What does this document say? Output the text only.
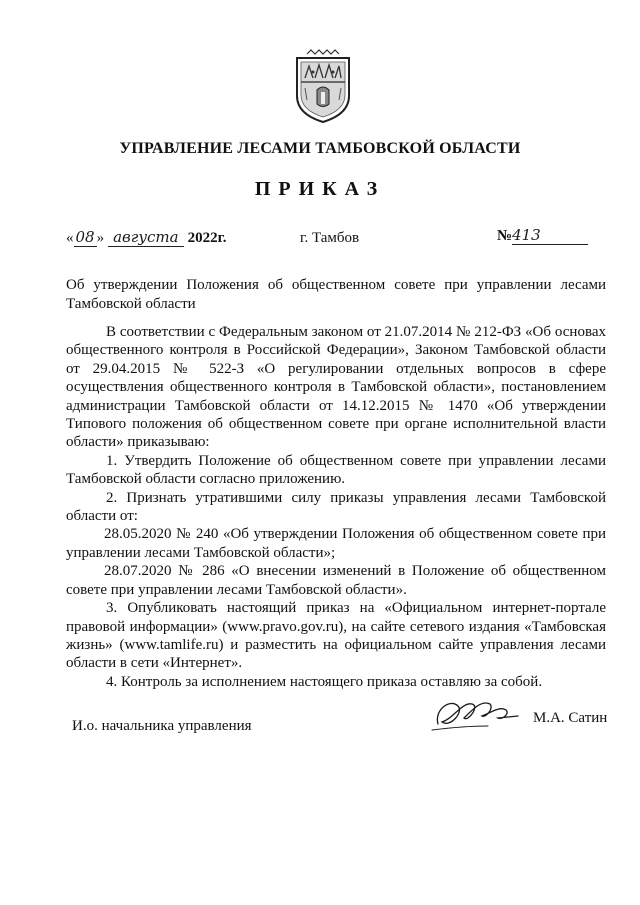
УПРАВЛЕНИЕ ЛЕСАМИ ТАМБОВСКОЙ ОБЛАСТИ
ПРИКАЗ
« 08 » августа 2022г.	г. Тамбов	№413
Об утверждении Положения об общественном совете при управлении лесами Тамбовской области

В соответствии с Федеральным законом от 21.07.2014 № 212-ФЗ «Об основах общественного контроля в Российской Федерации», Законом Тамбовской области от 29.04.2015 № 522-З «О регулировании отдельных вопросов в сфере осуществления общественного контроля в Тамбовской области», постановлением администрации Тамбовской области от 14.12.2015 № 1470 «Об утверждении Типового положения об общественном совете при органе исполнительной власти области» приказываю:

1. Утвердить Положение об общественном совете при управлении лесами Тамбовской области согласно приложению.

2. Признать утратившими силу приказы управления лесами Тамбовской области от:

28.05.2020 № 240 «Об утверждении Положения об общественном совете при управлении лесами Тамбовской области»;

28.07.2020 № 286 «О внесении изменений в Положение об общественном совете при управлении лесами Тамбовской области».

3. Опубликовать настоящий приказ на «Официальном интернет-портале правовой информации» (www.pravo.gov.ru), на сайте сетевого издания «Тамбовская жизнь» (www.tamlife.ru) и разместить на официальном сайте управления лесами области в сети «Интернет».

4. Контроль за исполнением настоящего приказа оставляю за собой.

И.о. начальника управления	М.А. Сатин
